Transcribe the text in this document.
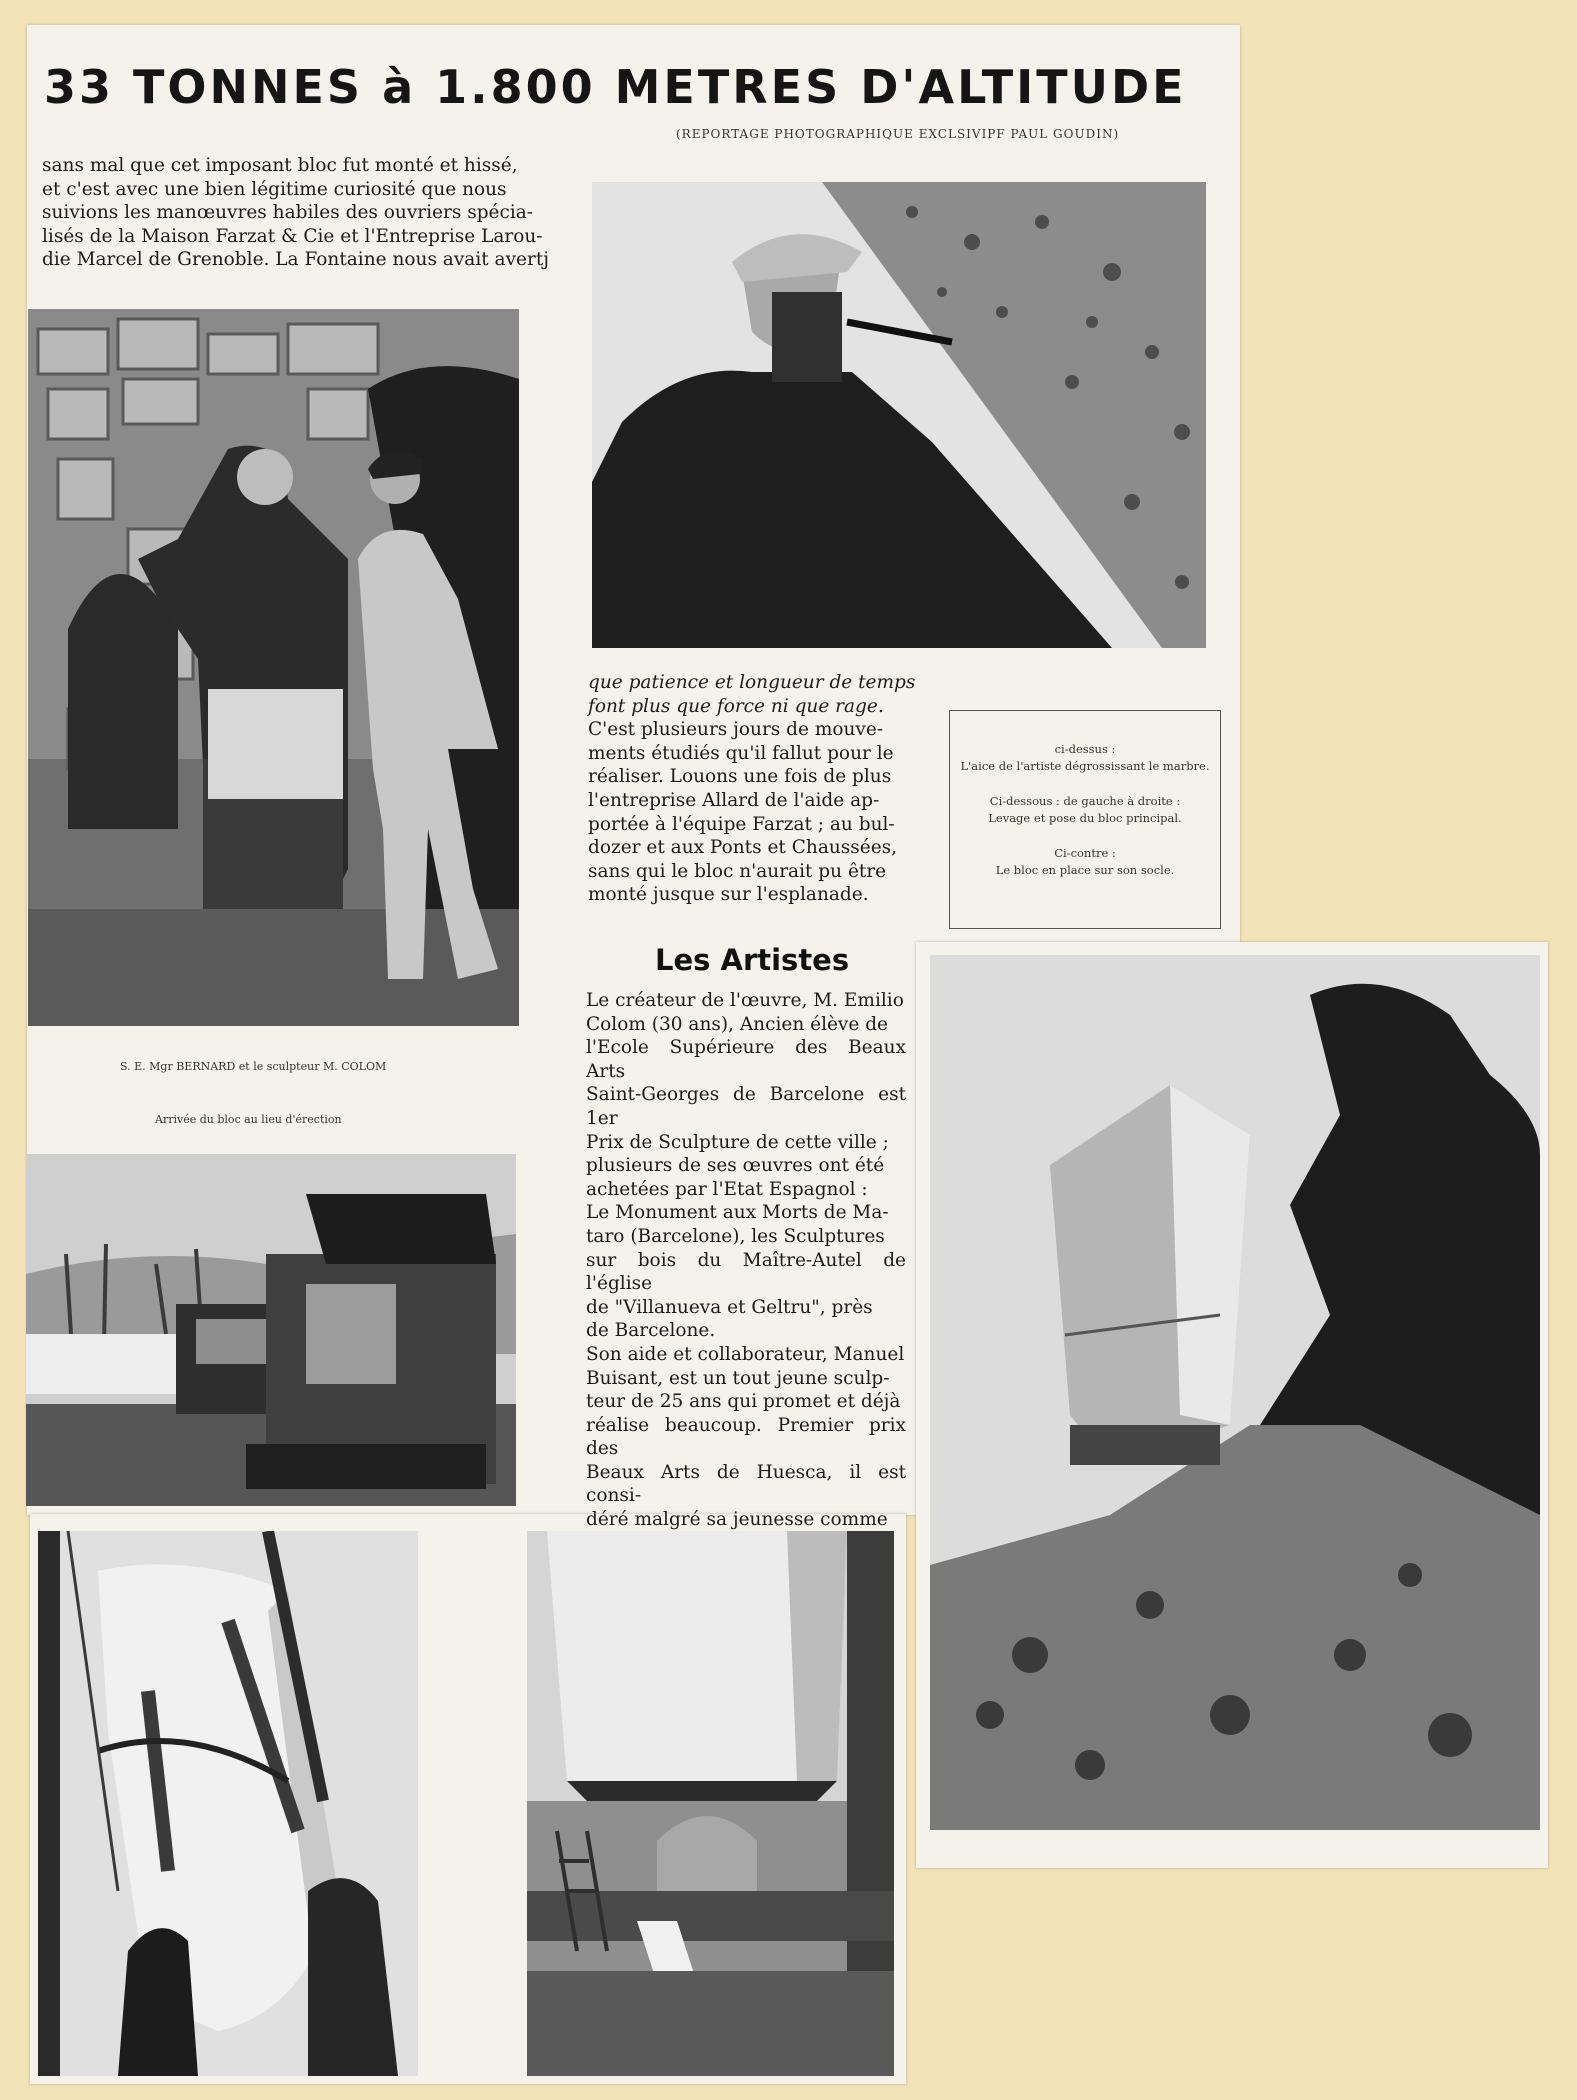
33 TONNES à 1.800 METRES D'ALTITUDE
(REPORTAGE PHOTOGRAPHIQUE EXCLSIVIPF PAUL GOUDIN)

sans mal que cet imposant bloc fut monté et hissé,

et c'est avec une bien légitime curiosité que nous

suivions les manœuvres habiles des ouvriers spécia-

lisés de la Maison Farzat & Cie et l'Entreprise Larou-

die Marcel de Grenoble. La Fontaine nous avait avertj

S. E. Mgr BERNARD et le sculpteur M. COLOM
Arrivée du bloc au lieu d'érection

que patience et longueur de temps

font plus que force ni que rage.

C'est plusieurs jours de mouve-

ments étudiés qu'il fallut pour le

réaliser. Louons une fois de plus

l'entreprise Allard de l'aide ap-

portée à l'équipe Farzat ; au bul-

dozer et aux Ponts et Chaussées,

sans qui le bloc n'aurait pu être

monté jusque sur l'esplanade.

ci-dessus :
L'aice de l'artiste dégrossissant le marbre.
Ci-dessous : de gauche à droite :
Levage et pose du bloc principal.
Ci-contre :
Le bloc en place sur son socle.
Les Artistes

Le créateur de l'œuvre, M. Emilio

Colom (30 ans), Ancien élève de

l'Ecole Supérieure des Beaux Arts

Saint-Georges de Barcelone est 1er

Prix de Sculpture de cette ville ;

plusieurs de ses œuvres ont été

achetées par l'Etat Espagnol :

Le Monument aux Morts de Ma-

taro (Barcelone), les Sculptures

sur bois du Maître-Autel de l'église

de "Villanueva et Geltru", près

de Barcelone.

Son aide et collaborateur, Manuel

Buisant, est un tout jeune sculp-

teur de 25 ans qui promet et déjà

réalise beaucoup. Premier prix des

Beaux Arts de Huesca, il est consi-

déré malgré sa jeunesse comme
